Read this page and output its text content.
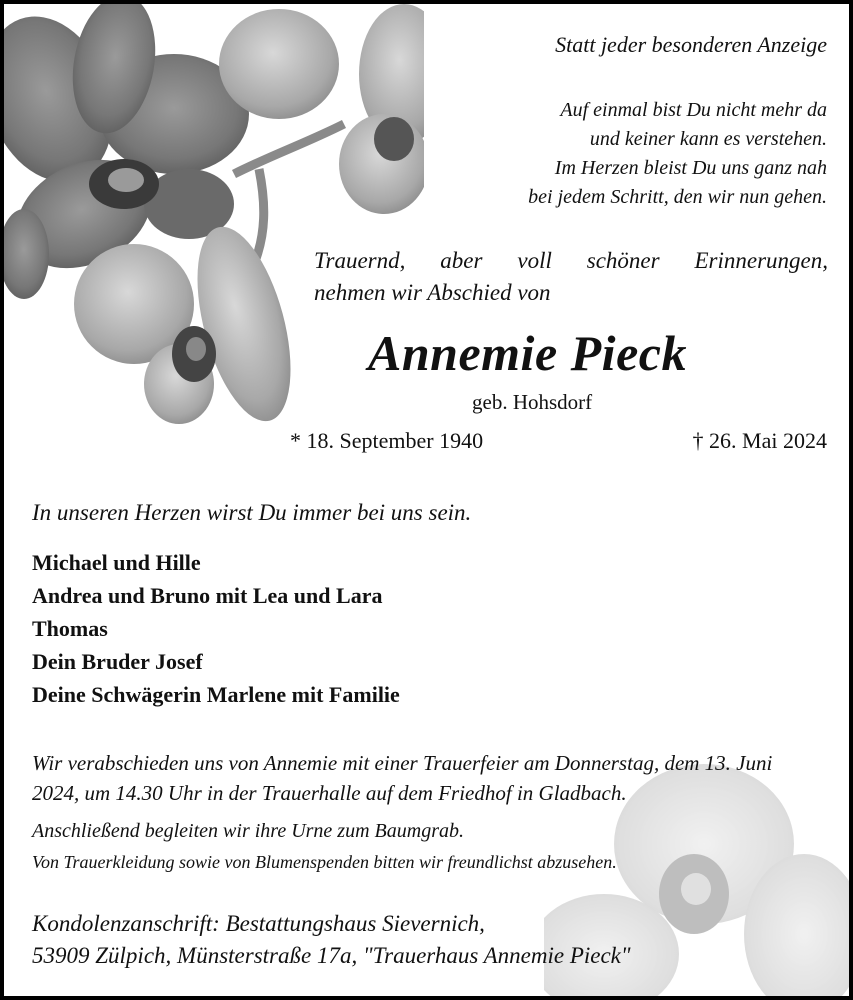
Statt jeder besonderen Anzeige
Auf einmal bist Du nicht mehr da
und keiner kann es verstehen.
Im Herzen bleist Du uns ganz nah
bei jedem Schritt, den wir nun gehen.
Trauernd, aber voll schöner Erinnerungen,
nehmen wir Abschied von
Annemie Pieck
geb. Hohsdorf
* 18. September 1940	† 26. Mai 2024
In unseren Herzen wirst Du immer bei uns sein.
Michael und Hille
Andrea und Bruno mit Lea und Lara
Thomas
Dein Bruder Josef
Deine Schwägerin Marlene mit Familie
Wir verabschieden uns von Annemie mit einer Trauerfeier am Donnerstag, dem 13. Juni 2024, um 14.30 Uhr in der Trauerhalle auf dem Friedhof in Gladbach.
Anschließend begleiten wir ihre Urne zum Baumgrab.
Von Trauerkleidung sowie von Blumenspenden bitten wir freundlichst abzusehen.
Kondolenzanschrift: Bestattungshaus Sievernich,
53909 Zülpich, Münsterstraße 17a, "Trauerhaus Annemie Pieck"
